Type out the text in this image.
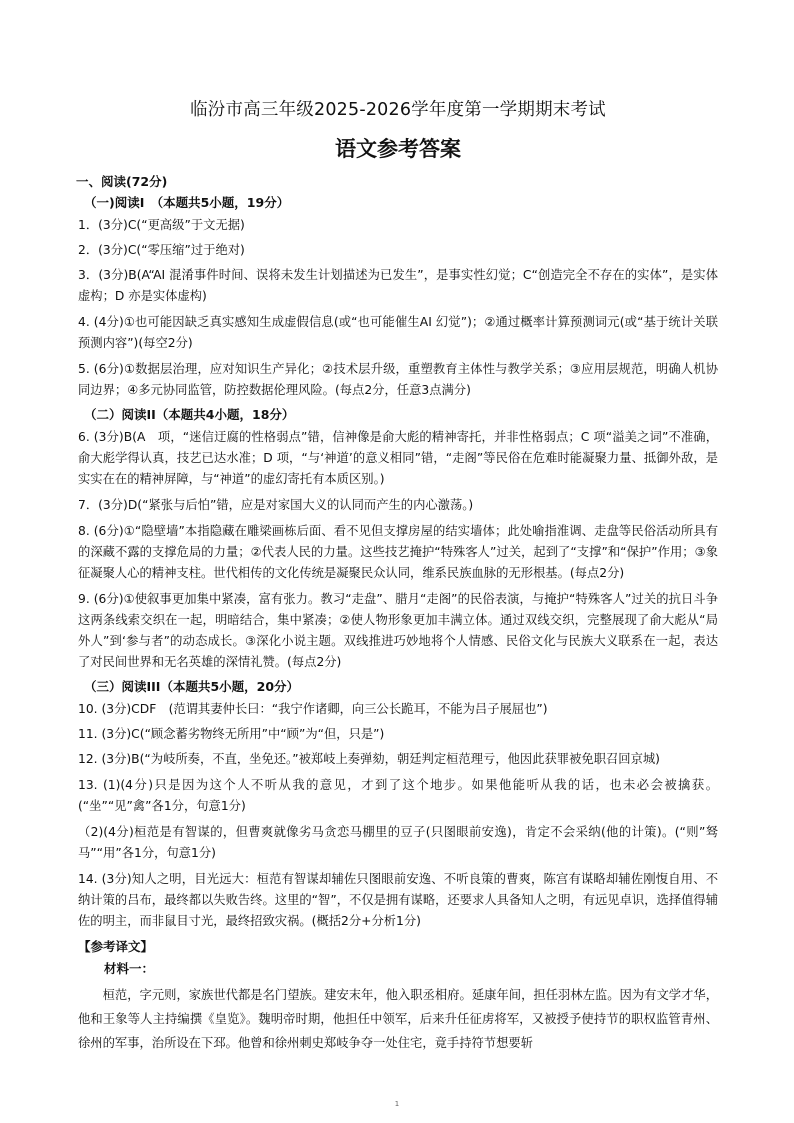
临汾市高三年级2025-2026学年度第一学期期末考试
语文参考答案
一、阅读(72分)
（一)阅读I　（本题共5小题，19分）
1．(3分)C(“更高级”于文无据)
2．(3分)C(“零压缩”过于绝对)
3．(3分)B(A“AI 混淆事件时间、误将未发生计划描述为已发生”，是事实性幻觉；C“创造完全不存在的实体”，是实体虚构；D 亦是实体虚构)
4. (4分)①也可能因缺乏真实感知生成虚假信息(或“也可能催生AI 幻觉”)；②通过概率计算预测词元(或“基于统计关联预测内容”)(每空2分)
5. (6分)①数据层治理，应对知识生产异化；②技术层升级，重塑教育主体性与教学关系；③应用层规范，明确人机协同边界；④多元协同监管，防控数据伦理风险。(每点2分，任意3点满分)
（二）阅读II（本题共4小题，18分）
6. (3分)B(A　项，“迷信迂腐的性格弱点”错，信神像是俞大彪的精神寄托，并非性格弱点；C 项“溢美之词”不准确，俞大彪学得认真，技艺已达水准；D 项，“与‘神道’的意义相同”错，“走阁”等民俗在危难时能凝聚力量、抵御外敌，是实实在在的精神屏障，与“神道”的虚幻寄托有本质区别。)
7．(3分)D(“紧张与后怕”错，应是对家国大义的认同而产生的内心激荡。)
8. (6分)①“隐壁墙”本指隐藏在雕梁画栋后面、看不见但支撑房屋的结实墙体；此处喻指淮调、走盘等民俗活动所具有的深藏不露的支撑危局的力量；②代表人民的力量。这些技艺掩护“特殊客人”过关，起到了“支撑”和“保护”作用；③象征凝聚人心的精神支柱。世代相传的文化传统是凝聚民众认同，维系民族血脉的无形根基。(每点2分)
9. (6分)①使叙事更加集中紧凑，富有张力。教习“走盘”、腊月“走阁”的民俗表演，与掩护“特殊客人”过关的抗日斗争这两条线索交织在一起，明暗结合，集中紧凑；②使人物形象更加丰满立体。通过双线交织，完整展现了俞大彪从“局外人”到‘参与者”的动态成长。③深化小说主题。双线推进巧妙地将个人情感、民俗文化与民族大义联系在一起，表达了对民间世界和无名英雄的深情礼赞。(每点2分)
（三）阅读III（本题共5小题，20分）
10. (3分)CDF　(范谓其妻仲长曰：“我宁作诸卿，向三公长跪耳，不能为吕子展屈也”)
11. (3分)C(“顾念蓄劣物终无所用”中“顾”为“但，只是”)
12. (3分)B(“为岐所奏，不直，坐免还。”被郑岐上奏弹劾，朝廷判定桓范理亏，他因此获罪被免职召回京城)
13. (1)(4分)只是因为这个人不听从我的意见，才到了这个地步。如果他能听从我的话，也未必会被擒获。(“坐”“见”禽”各1分，句意1分)
（2)(4分)桓范是有智谋的，但曹爽就像劣马贪恋马棚里的豆子(只图眼前安逸)，肯定不会采纳(他的计策)。(“则”驽马”“用”各1分，句意1分)
14. (3分)知人之明，目光远大：桓范有智谋却辅佐只图眼前安逸、不听良策的曹爽，陈宫有谋略却辅佐刚愎自用、不纳计策的吕布，最终都以失败告终。这里的“智”，不仅是拥有谋略，还要求人具备知人之明，有远见卓识，选择值得辅佐的明主，而非鼠目寸光，最终招致灾祸。(概括2分+分析1分)
【参考译文】
材料一：
桓范，字元则，家族世代都是名门望族。建安末年，他入职丞相府。延康年间，担任羽林左监。因为有文学才华，他和王象等人主持编撰《皇览》。魏明帝时期，他担任中领军，后来升任征虏将军，又被授予使持节的职权监管青州、徐州的军事，治所设在下邳。他曾和徐州刺史郑岐争夺一处住宅，竟手持符节想要斩
1
